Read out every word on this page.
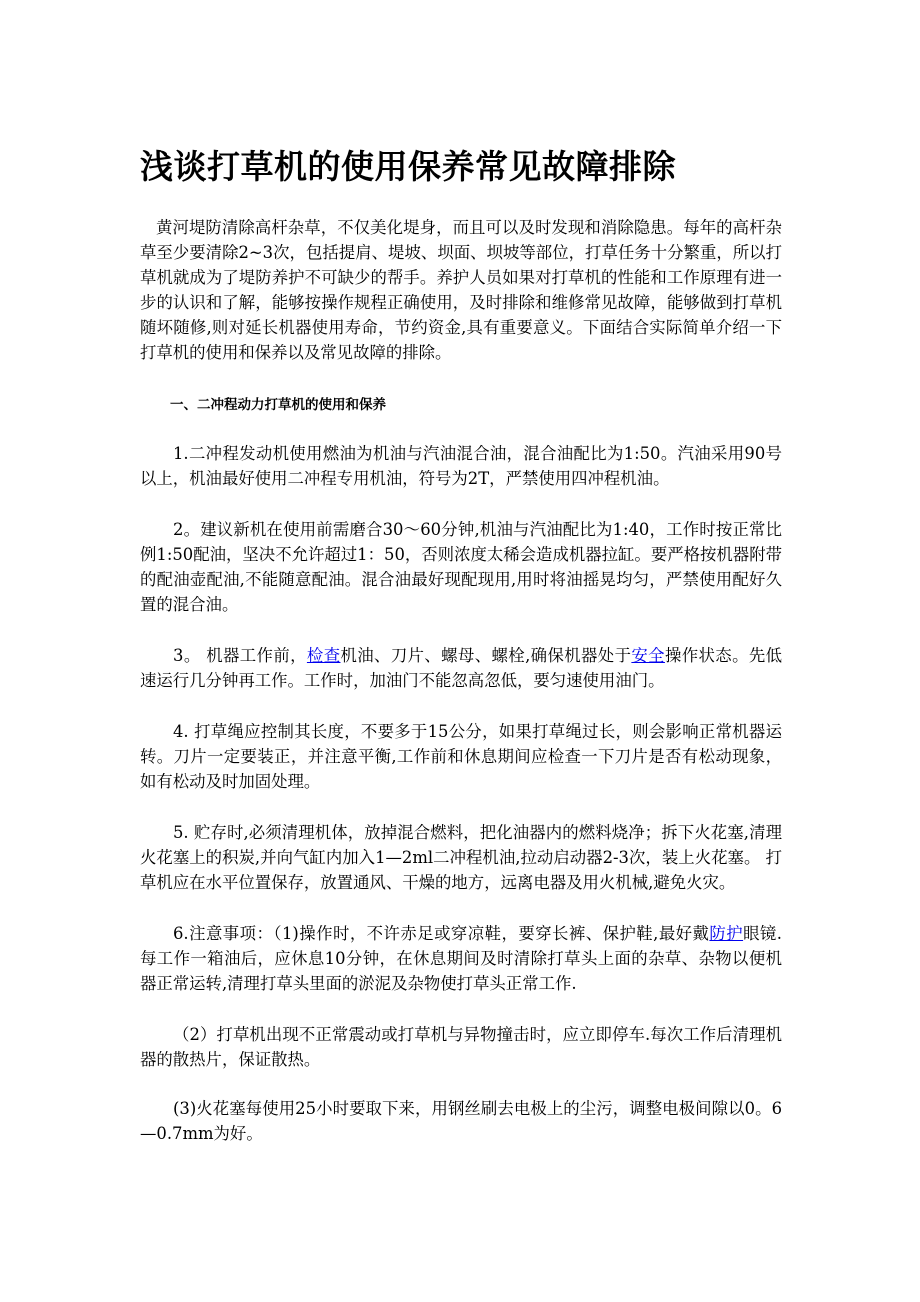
浅谈打草机的使用保养常见故障排除

黄河堤防清除高杆杂草，不仅美化堤身，而且可以及时发现和消除隐患。每年的高杆杂草至少要清除2~3次，包括提肩、堤坡、坝面、坝坡等部位，打草任务十分繁重，所以打草机就成为了堤防养护不可缺少的帮手。养护人员如果对打草机的性能和工作原理有进一步的认识和了解，能够按操作规程正确使用，及时排除和维修常见故障，能够做到打草机随坏随修,则对延长机器使用寿命，节约资金,具有重要意义。下面结合实际简单介绍一下打草机的使用和保养以及常见故障的排除。

一、二冲程动力打草机的使用和保养

1.二冲程发动机使用燃油为机油与汽油混合油，混合油配比为1:50。汽油采用90号以上，机油最好使用二冲程专用机油，符号为2T，严禁使用四冲程机油。

2。建议新机在使用前需磨合30～60分钟,机油与汽油配比为1:40，工作时按正常比例1:50配油，坚决不允许超过1：50，否则浓度太稀会造成机器拉缸。要严格按机器附带的配油壶配油,不能随意配油。混合油最好现配现用,用时将油摇晃均匀，严禁使用配好久置的混合油。

3。 机器工作前，检查机油、刀片、螺母、螺栓,确保机器处于安全操作状态。先低速运行几分钟再工作。工作时，加油门不能忽高忽低，要匀速使用油门。

4. 打草绳应控制其长度，不要多于15公分，如果打草绳过长，则会影响正常机器运转。刀片一定要装正，并注意平衡,工作前和休息期间应检查一下刀片是否有松动现象，如有松动及时加固处理。

5. 贮存时,必须清理机体，放掉混合燃料，把化油器内的燃料烧净；拆下火花塞,清理火花塞上的积炭,并向气缸内加入1—2ml二冲程机油,拉动启动器2-3次，装上火花塞。 打草机应在水平位置保存，放置通风、干燥的地方，远离电器及用火机械,避免火灾。

6.注意事项：（1)操作时，不许赤足或穿凉鞋，要穿长裤、保护鞋,最好戴防护眼镜. 每工作一箱油后，应休息10分钟，在休息期间及时清除打草头上面的杂草、杂物以便机器正常运转,清理打草头里面的淤泥及杂物使打草头正常工作.

（2）打草机出现不正常震动或打草机与异物撞击时，应立即停车.每次工作后清理机器的散热片，保证散热。

(3)火花塞每使用25小时要取下来，用钢丝刷去电极上的尘污，调整电极间隙以0。6—0.7mm为好。
